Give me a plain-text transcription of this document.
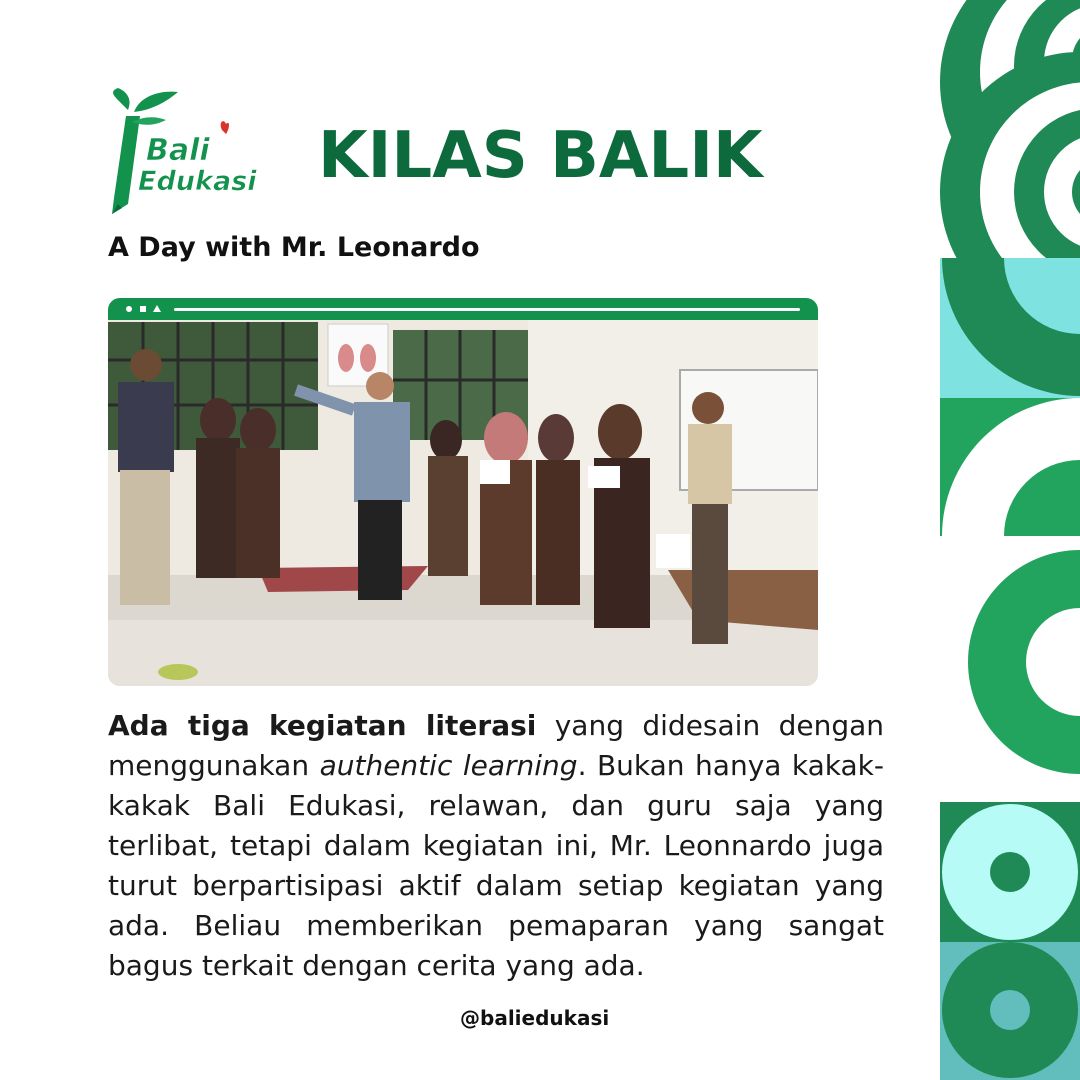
Bali
Edukasi KILAS BALIK
A Day with Mr. Leonardo
Ada tiga kegiatan literasi yang didesain dengan menggunakan authentic learning. Bukan hanya kakak-kakak Bali Edukasi, relawan, dan guru saja yang terlibat, tetapi dalam kegiatan ini, Mr. Leonnardo juga turut berpartisipasi aktif dalam setiap kegiatan yang ada. Beliau memberikan pemaparan yang sangat bagus terkait dengan cerita yang ada.
@baliedukasi
